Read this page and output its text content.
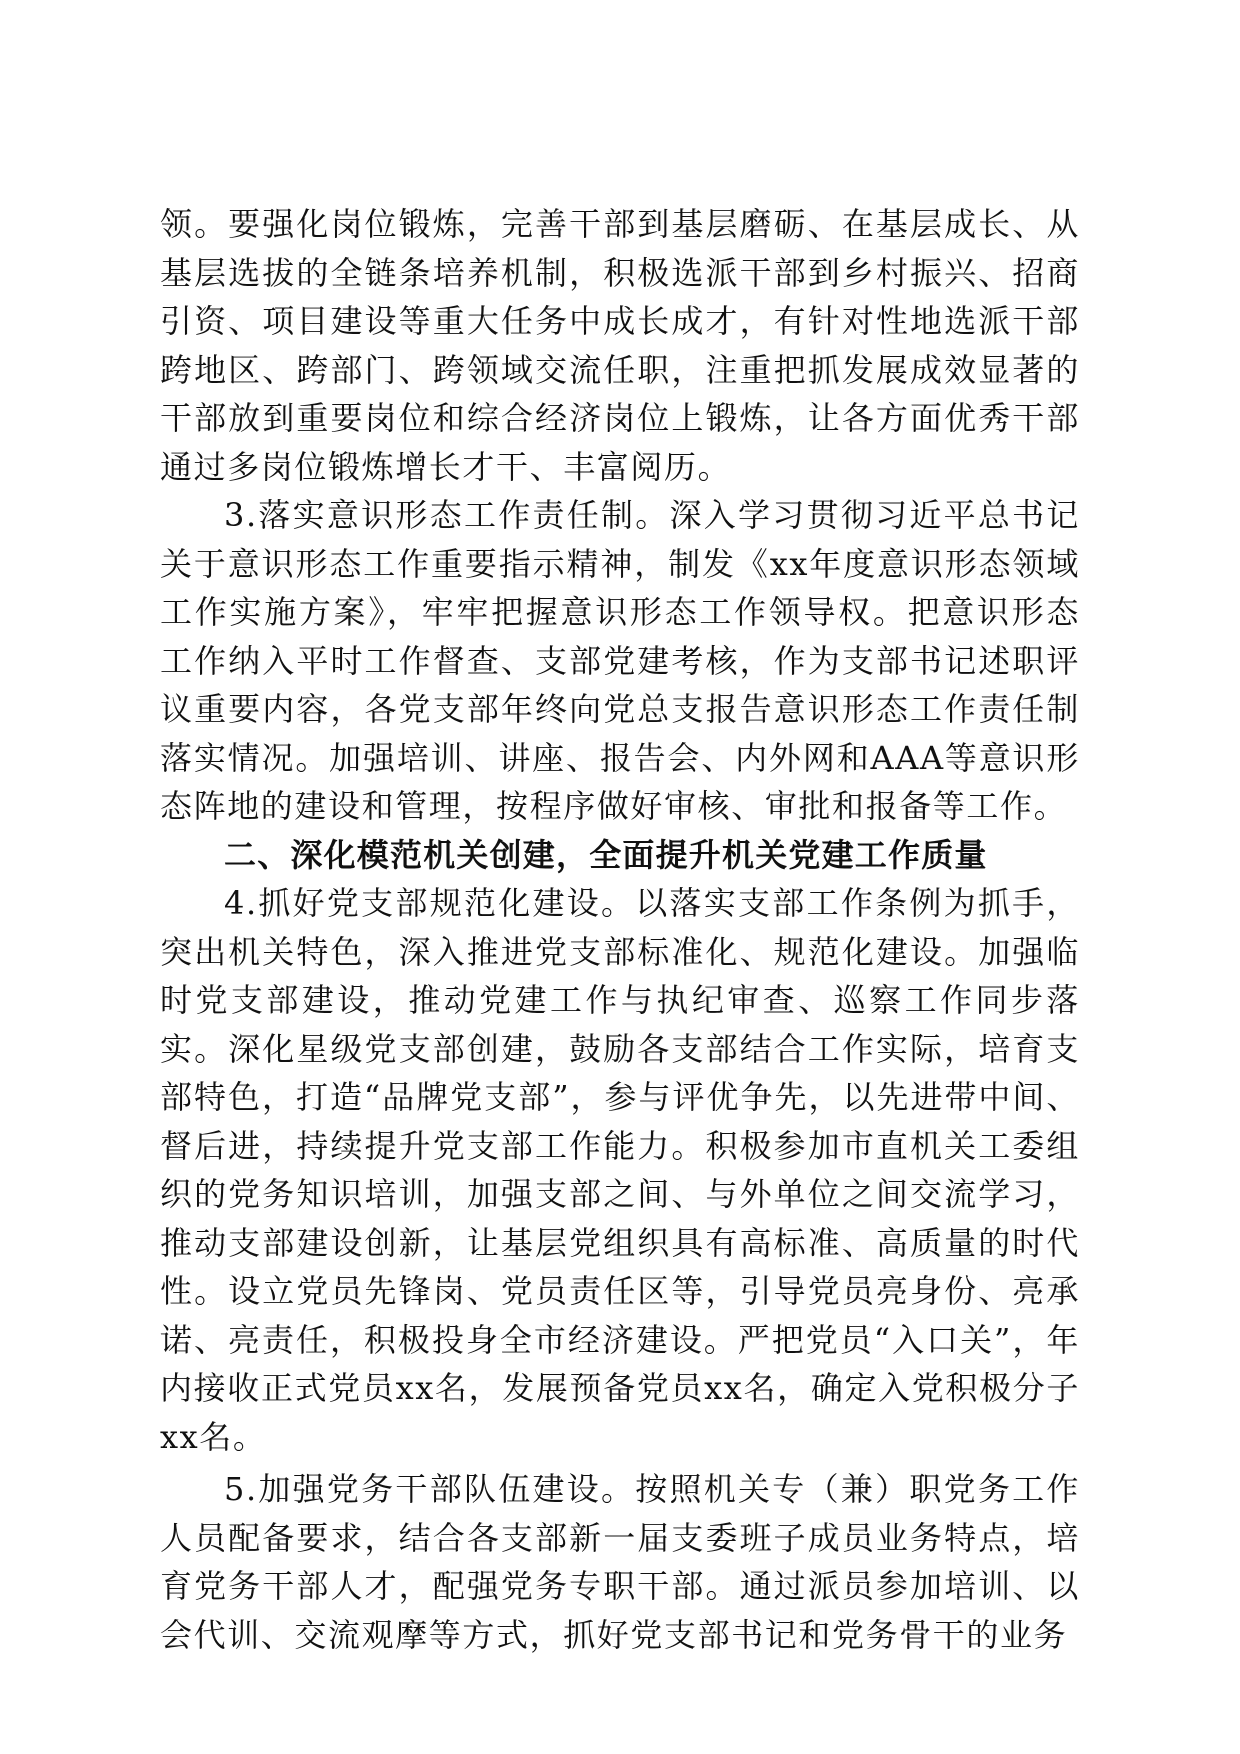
领。要强化岗位锻炼，完善干部到基层磨砺、在基层成长、从基层选拔的全链条培养机制，积极选派干部到乡村振兴、招商引资、项目建设等重大任务中成长成才，有针对性地选派干部跨地区、跨部门、跨领域交流任职，注重把抓发展成效显著的干部放到重要岗位和综合经济岗位上锻炼，让各方面优秀干部通过多岗位锻炼增长才干、丰富阅历。

3.落实意识形态工作责任制。深入学习贯彻习近平总书记关于意识形态工作重要指示精神，制发《xx年度意识形态领域工作实施方案》，牢牢把握意识形态工作领导权。把意识形态工作纳入平时工作督查、支部党建考核，作为支部书记述职评议重要内容，各党支部年终向党总支报告意识形态工作责任制落实情况。加强培训、讲座、报告会、内外网和AAA等意识形态阵地的建设和管理，按程序做好审核、审批和报备等工作。

二、深化模范机关创建，全面提升机关党建工作质量

4.抓好党支部规范化建设。以落实支部工作条例为抓手，突出机关特色，深入推进党支部标准化、规范化建设。加强临时党支部建设，推动党建工作与执纪审查、巡察工作同步落实。深化星级党支部创建，鼓励各支部结合工作实际，培育支部特色，打造“品牌党支部”，参与评优争先，以先进带中间、督后进，持续提升党支部工作能力。积极参加市直机关工委组织的党务知识培训，加强支部之间、与外单位之间交流学习，推动支部建设创新，让基层党组织具有高标准、高质量的时代性。设立党员先锋岗、党员责任区等，引导党员亮身份、亮承诺、亮责任，积极投身全市经济建设。严把党员“入口关”，年内接收正式党员xx名，发展预备党员xx名，确定入党积极分子xx名。

5.加强党务干部队伍建设。按照机关专（兼）职党务工作人员配备要求，结合各支部新一届支委班子成员业务特点，培育党务干部人才，配强党务专职干部。通过派员参加培训、以会代训、交流观摩等方式，抓好党支部书记和党务骨干的业务
